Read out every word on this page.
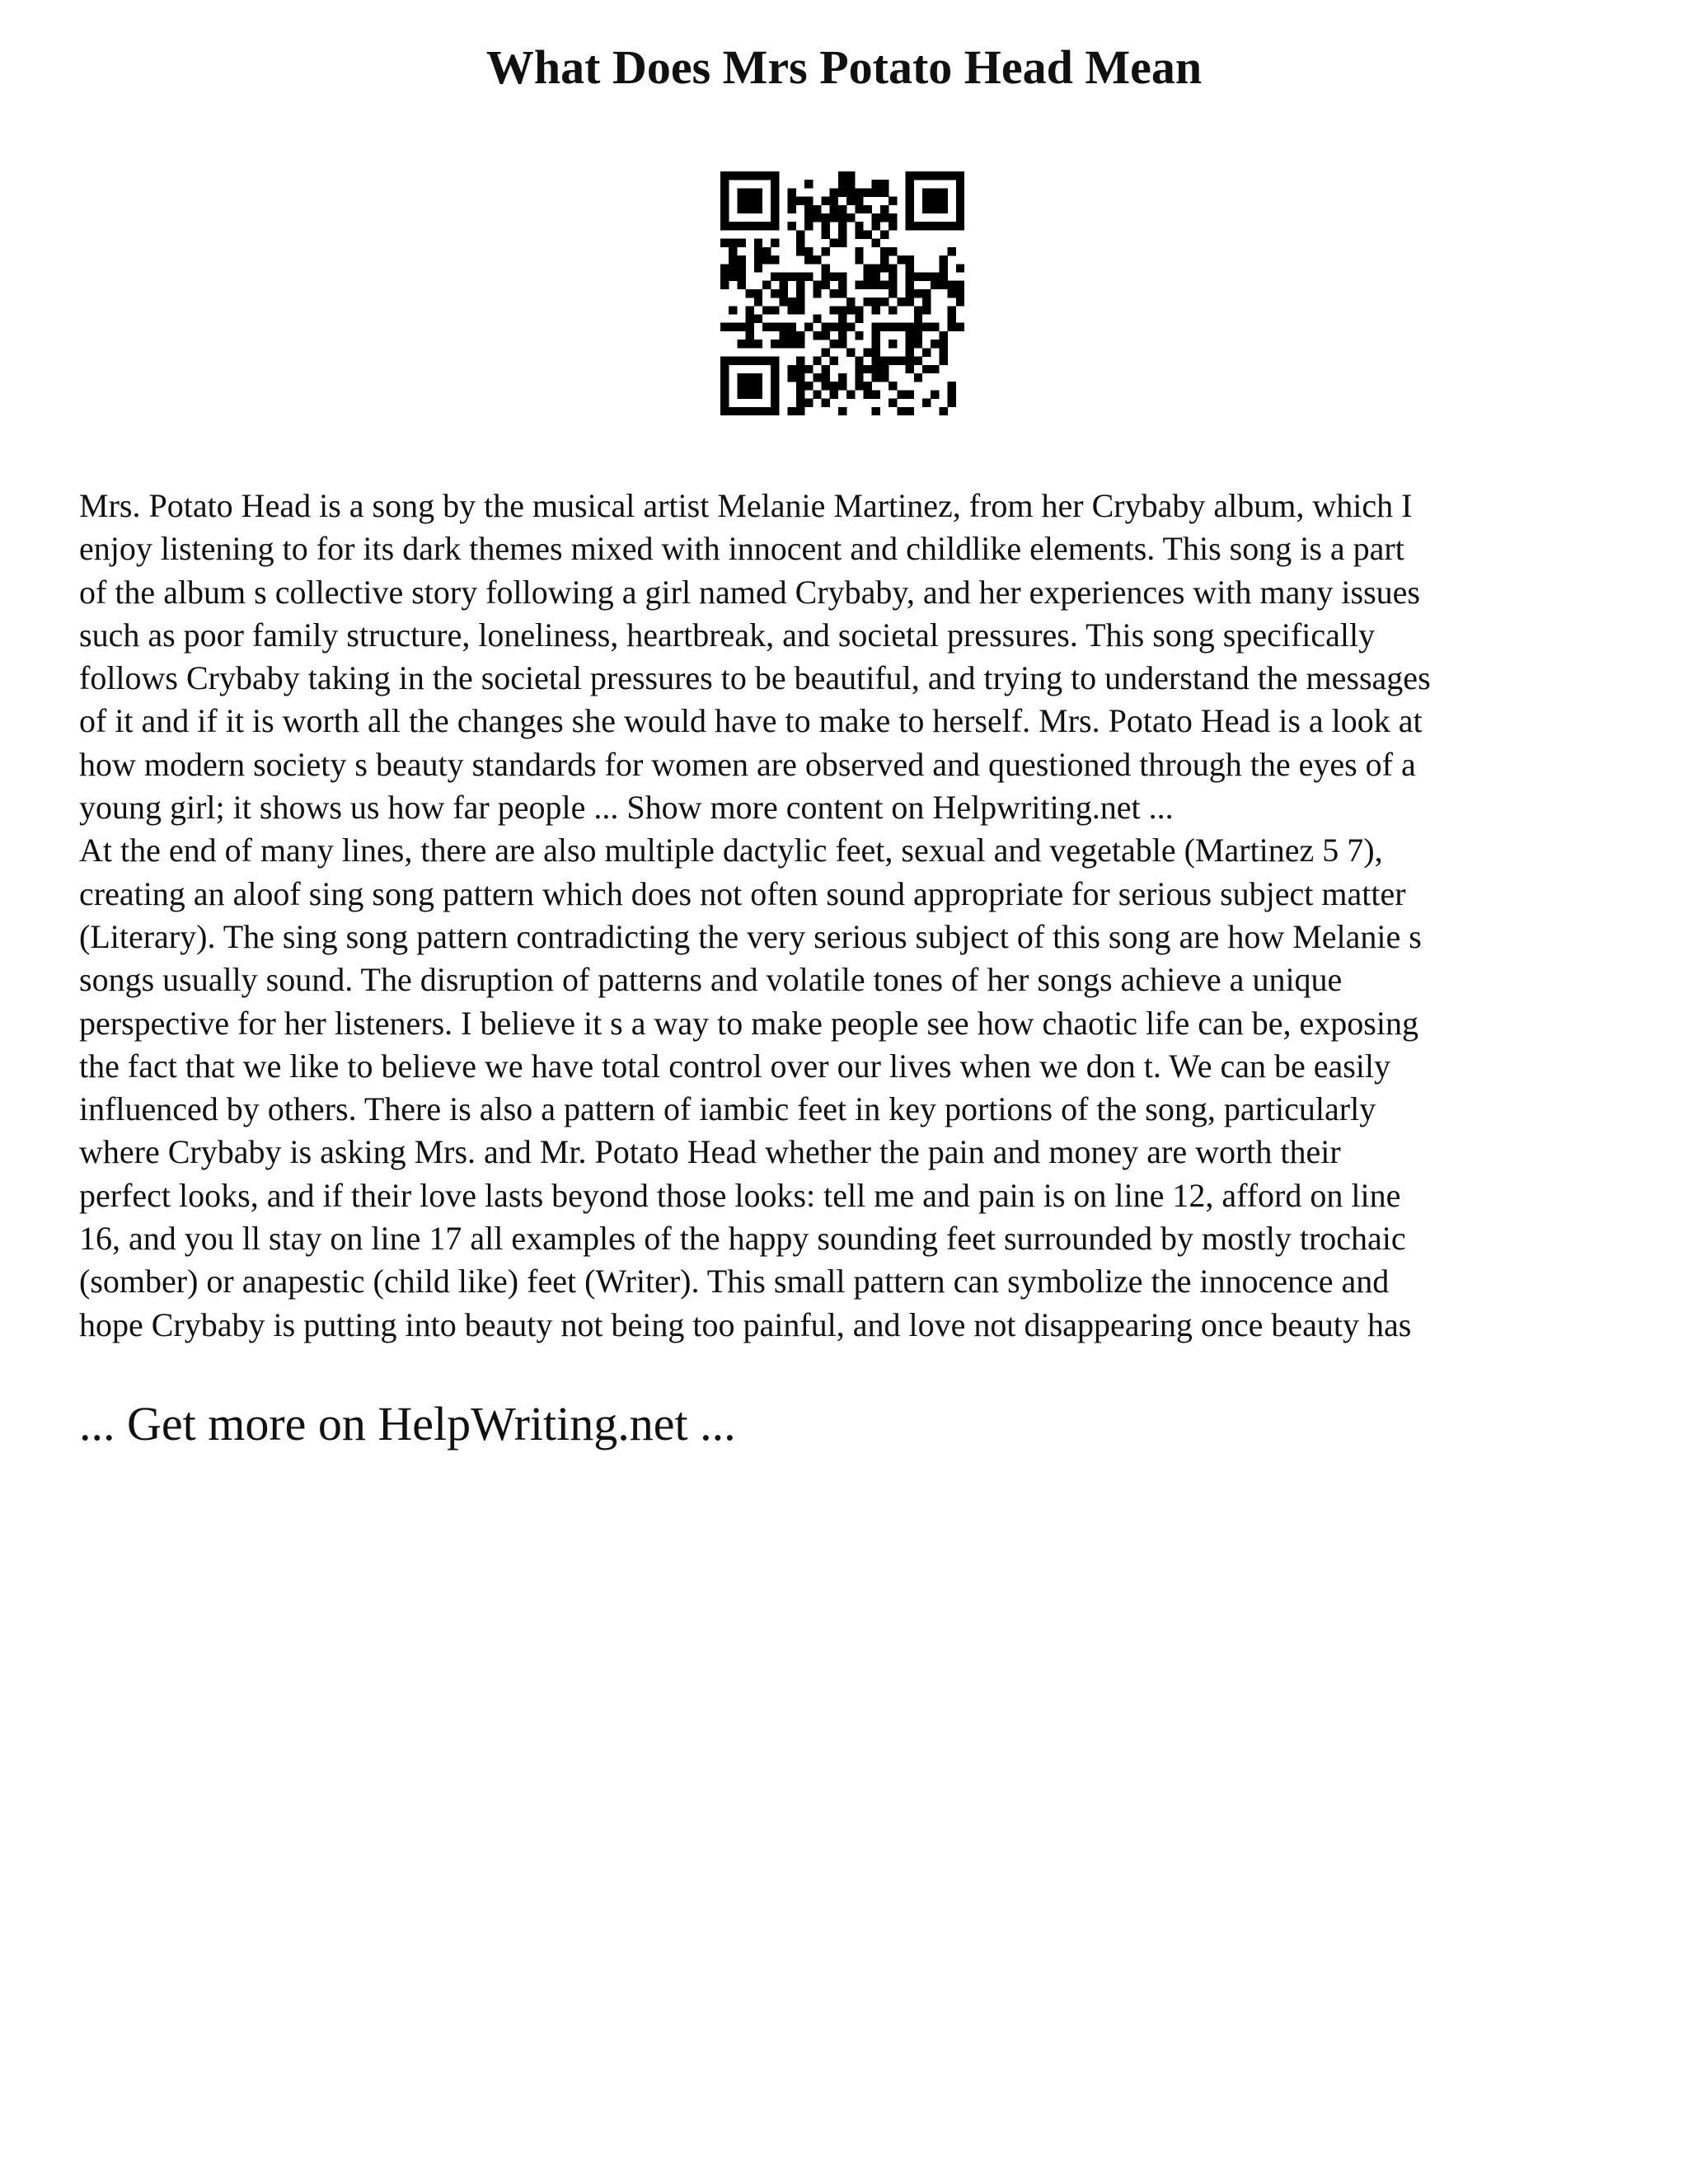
What Does Mrs Potato Head Mean

Mrs. Potato Head is a song by the musical artist Melanie Martinez, from her Crybaby album, which I
enjoy listening to for its dark themes mixed with innocent and childlike elements. This song is a part
of the album s collective story following a girl named Crybaby, and her experiences with many issues
such as poor family structure, loneliness, heartbreak, and societal pressures. This song specifically
follows Crybaby taking in the societal pressures to be beautiful, and trying to understand the messages
of it and if it is worth all the changes she would have to make to herself. Mrs. Potato Head is a look at
how modern society s beauty standards for women are observed and questioned through the eyes of a
young girl; it shows us how far people ... Show more content on Helpwriting.net ...

At the end of many lines, there are also multiple dactylic feet, sexual and vegetable (Martinez 5 7),
creating an aloof sing song pattern which does not often sound appropriate for serious subject matter
(Literary). The sing song pattern contradicting the very serious subject of this song are how Melanie s
songs usually sound. The disruption of patterns and volatile tones of her songs achieve a unique
perspective for her listeners. I believe it s a way to make people see how chaotic life can be, exposing
the fact that we like to believe we have total control over our lives when we don t. We can be easily
influenced by others. There is also a pattern of iambic feet in key portions of the song, particularly
where Crybaby is asking Mrs. and Mr. Potato Head whether the pain and money are worth their
perfect looks, and if their love lasts beyond those looks: tell me and pain is on line 12, afford on line
16, and you ll stay on line 17 all examples of the happy sounding feet surrounded by mostly trochaic
(somber) or anapestic (child like) feet (Writer). This small pattern can symbolize the innocence and
hope Crybaby is putting into beauty not being too painful, and love not disappearing once beauty has

... Get more on HelpWriting.net ...
